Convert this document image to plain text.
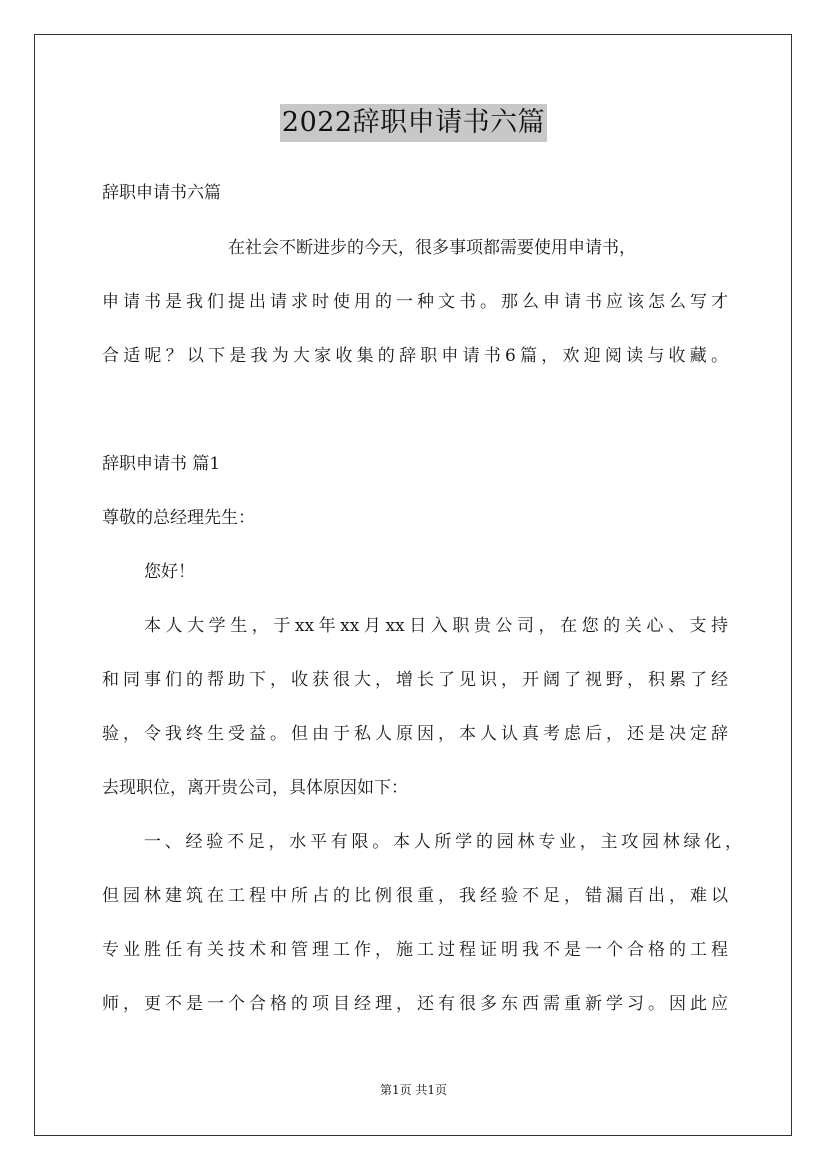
2022辞职申请书六篇
辞职申请书六篇
在社会不断进步的今天，很多事项都需要使用申请书，
申请书是我们提出请求时使用的一种文书。那么申请书应该怎么写才
合适呢？以下是我为大家收集的辞职申请书6篇，欢迎阅读与收藏。
辞职申请书 篇1
尊敬的总经理先生：
您好！
本人大学生，于xx年xx月xx日入职贵公司，在您的关心、支持
和同事们的帮助下，收获很大，增长了见识，开阔了视野，积累了经
验，令我终生受益。但由于私人原因，本人认真考虑后，还是决定辞
去现职位，离开贵公司，具体原因如下：
一、经验不足，水平有限。本人所学的园林专业，主攻园林绿化，
但园林建筑在工程中所占的比例很重，我经验不足，错漏百出，难以
专业胜任有关技术和管理工作，施工过程证明我不是一个合格的工程
师，更不是一个合格的项目经理，还有很多东西需重新学习。因此应
第1页 共1页
